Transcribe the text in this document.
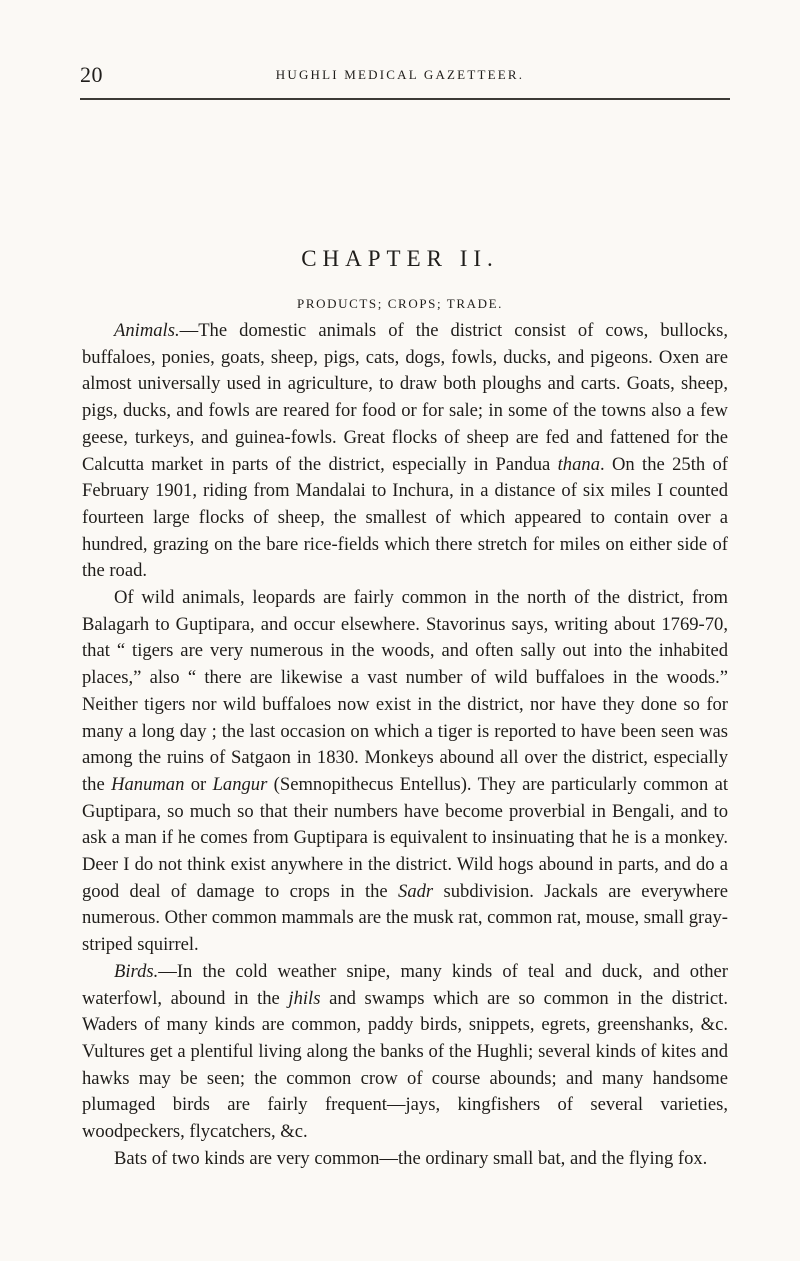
20	HUGHLI MEDICAL GAZETTEER.
CHAPTER II.
PRODUCTS; CROPS; TRADE.

Animals.—The domestic animals of the district consist of cows, bullocks, buffaloes, ponies, goats, sheep, pigs, cats, dogs, fowls, ducks, and pigeons. Oxen are almost universally used in agriculture, to draw both ploughs and carts. Goats, sheep, pigs, ducks, and fowls are reared for food or for sale; in some of the towns also a few geese, turkeys, and guinea-fowls. Great flocks of sheep are fed and fattened for the Calcutta market in parts of the district, especially in Pandua thana. On the 25th of February 1901, riding from Mandalai to Inchura, in a distance of six miles I counted fourteen large flocks of sheep, the smallest of which appeared to contain over a hundred, grazing on the bare rice-fields which there stretch for miles on either side of the road.

Of wild animals, leopards are fairly common in the north of the district, from Balagarh to Guptipara, and occur elsewhere. Stavorinus says, writing about 1769-70, that “ tigers are very numerous in the woods, and often sally out into the inhabited places,” also “ there are likewise a vast number of wild buffaloes in the woods.” Neither tigers nor wild buffaloes now exist in the district, nor have they done so for many a long day ; the last occasion on which a tiger is reported to have been seen was among the ruins of Satgaon in 1830. Monkeys abound all over the district, especially the Hanuman or Langur (Semnopithecus Entellus). They are particularly common at Guptipara, so much so that their numbers have become proverbial in Bengali, and to ask a man if he comes from Guptipara is equivalent to insinuating that he is a monkey. Deer I do not think exist anywhere in the district. Wild hogs abound in parts, and do a good deal of damage to crops in the Sadr subdivision. Jackals are everywhere numerous. Other common mammals are the musk rat, common rat, mouse, small gray-striped squirrel.

Birds.—In the cold weather snipe, many kinds of teal and duck, and other waterfowl, abound in the jhils and swamps which are so common in the district. Waders of many kinds are common, paddy birds, snippets, egrets, greenshanks, &c. Vultures get a plentiful living along the banks of the Hughli; several kinds of kites and hawks may be seen; the common crow of course abounds; and many handsome plumaged birds are fairly frequent—jays, kingfishers of several varieties, woodpeckers, flycatchers, &c.

Bats of two kinds are very common—the ordinary small bat, and the flying fox.
